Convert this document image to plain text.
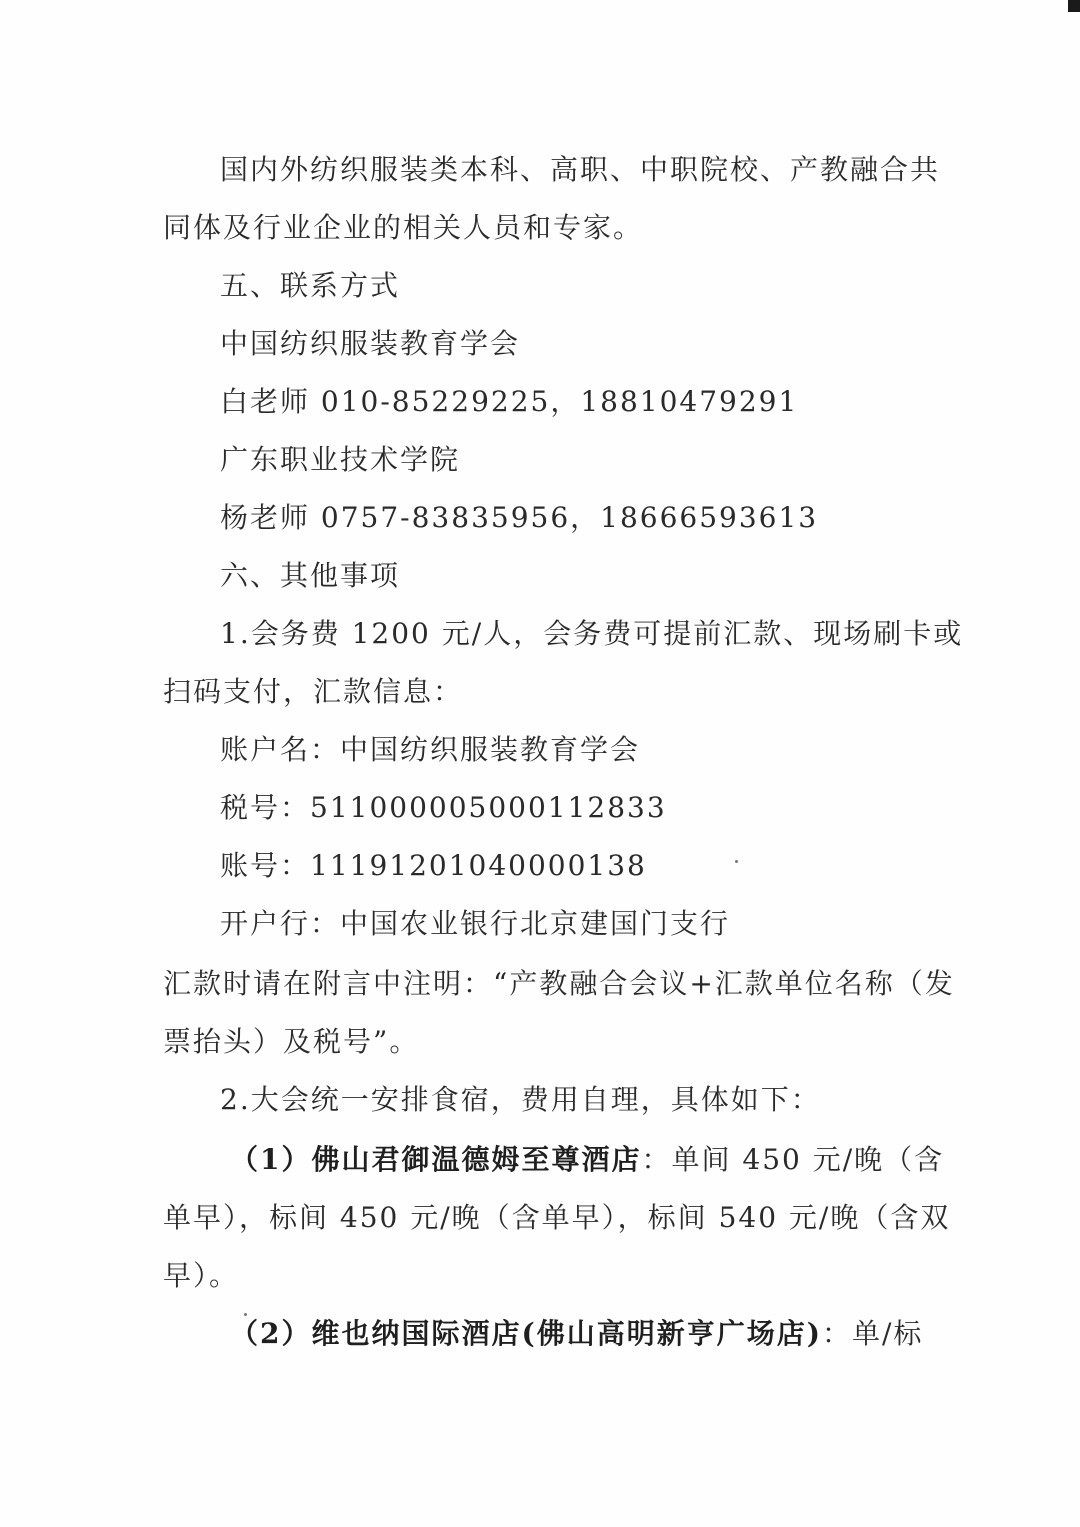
国内外纺织服装类本科、高职、中职院校、产教融合共
同体及行业企业的相关人员和专家。
五、联系方式
中国纺织服装教育学会
白老师 010-85229225，18810479291
广东职业技术学院
杨老师 0757-83835956，18666593613
六、其他事项
1.会务费 1200 元/人，会务费可提前汇款、现场刷卡或
扫码支付，汇款信息：
账户名：中国纺织服装教育学会
税号：511000005000112833
账号：11191201040000138
开户行：中国农业银行北京建国门支行
汇款时请在附言中注明：“产教融合会议+汇款单位名称（发
票抬头）及税号”。
2.大会统一安排食宿，费用自理，具体如下：
（1）佛山君御温德姆至尊酒店：单间 450 元/晚（含
单早），标间 450 元/晚（含单早），标间 540 元/晚（含双
早）。
（2）维也纳国际酒店(佛山高明新亨广场店)：单/标
